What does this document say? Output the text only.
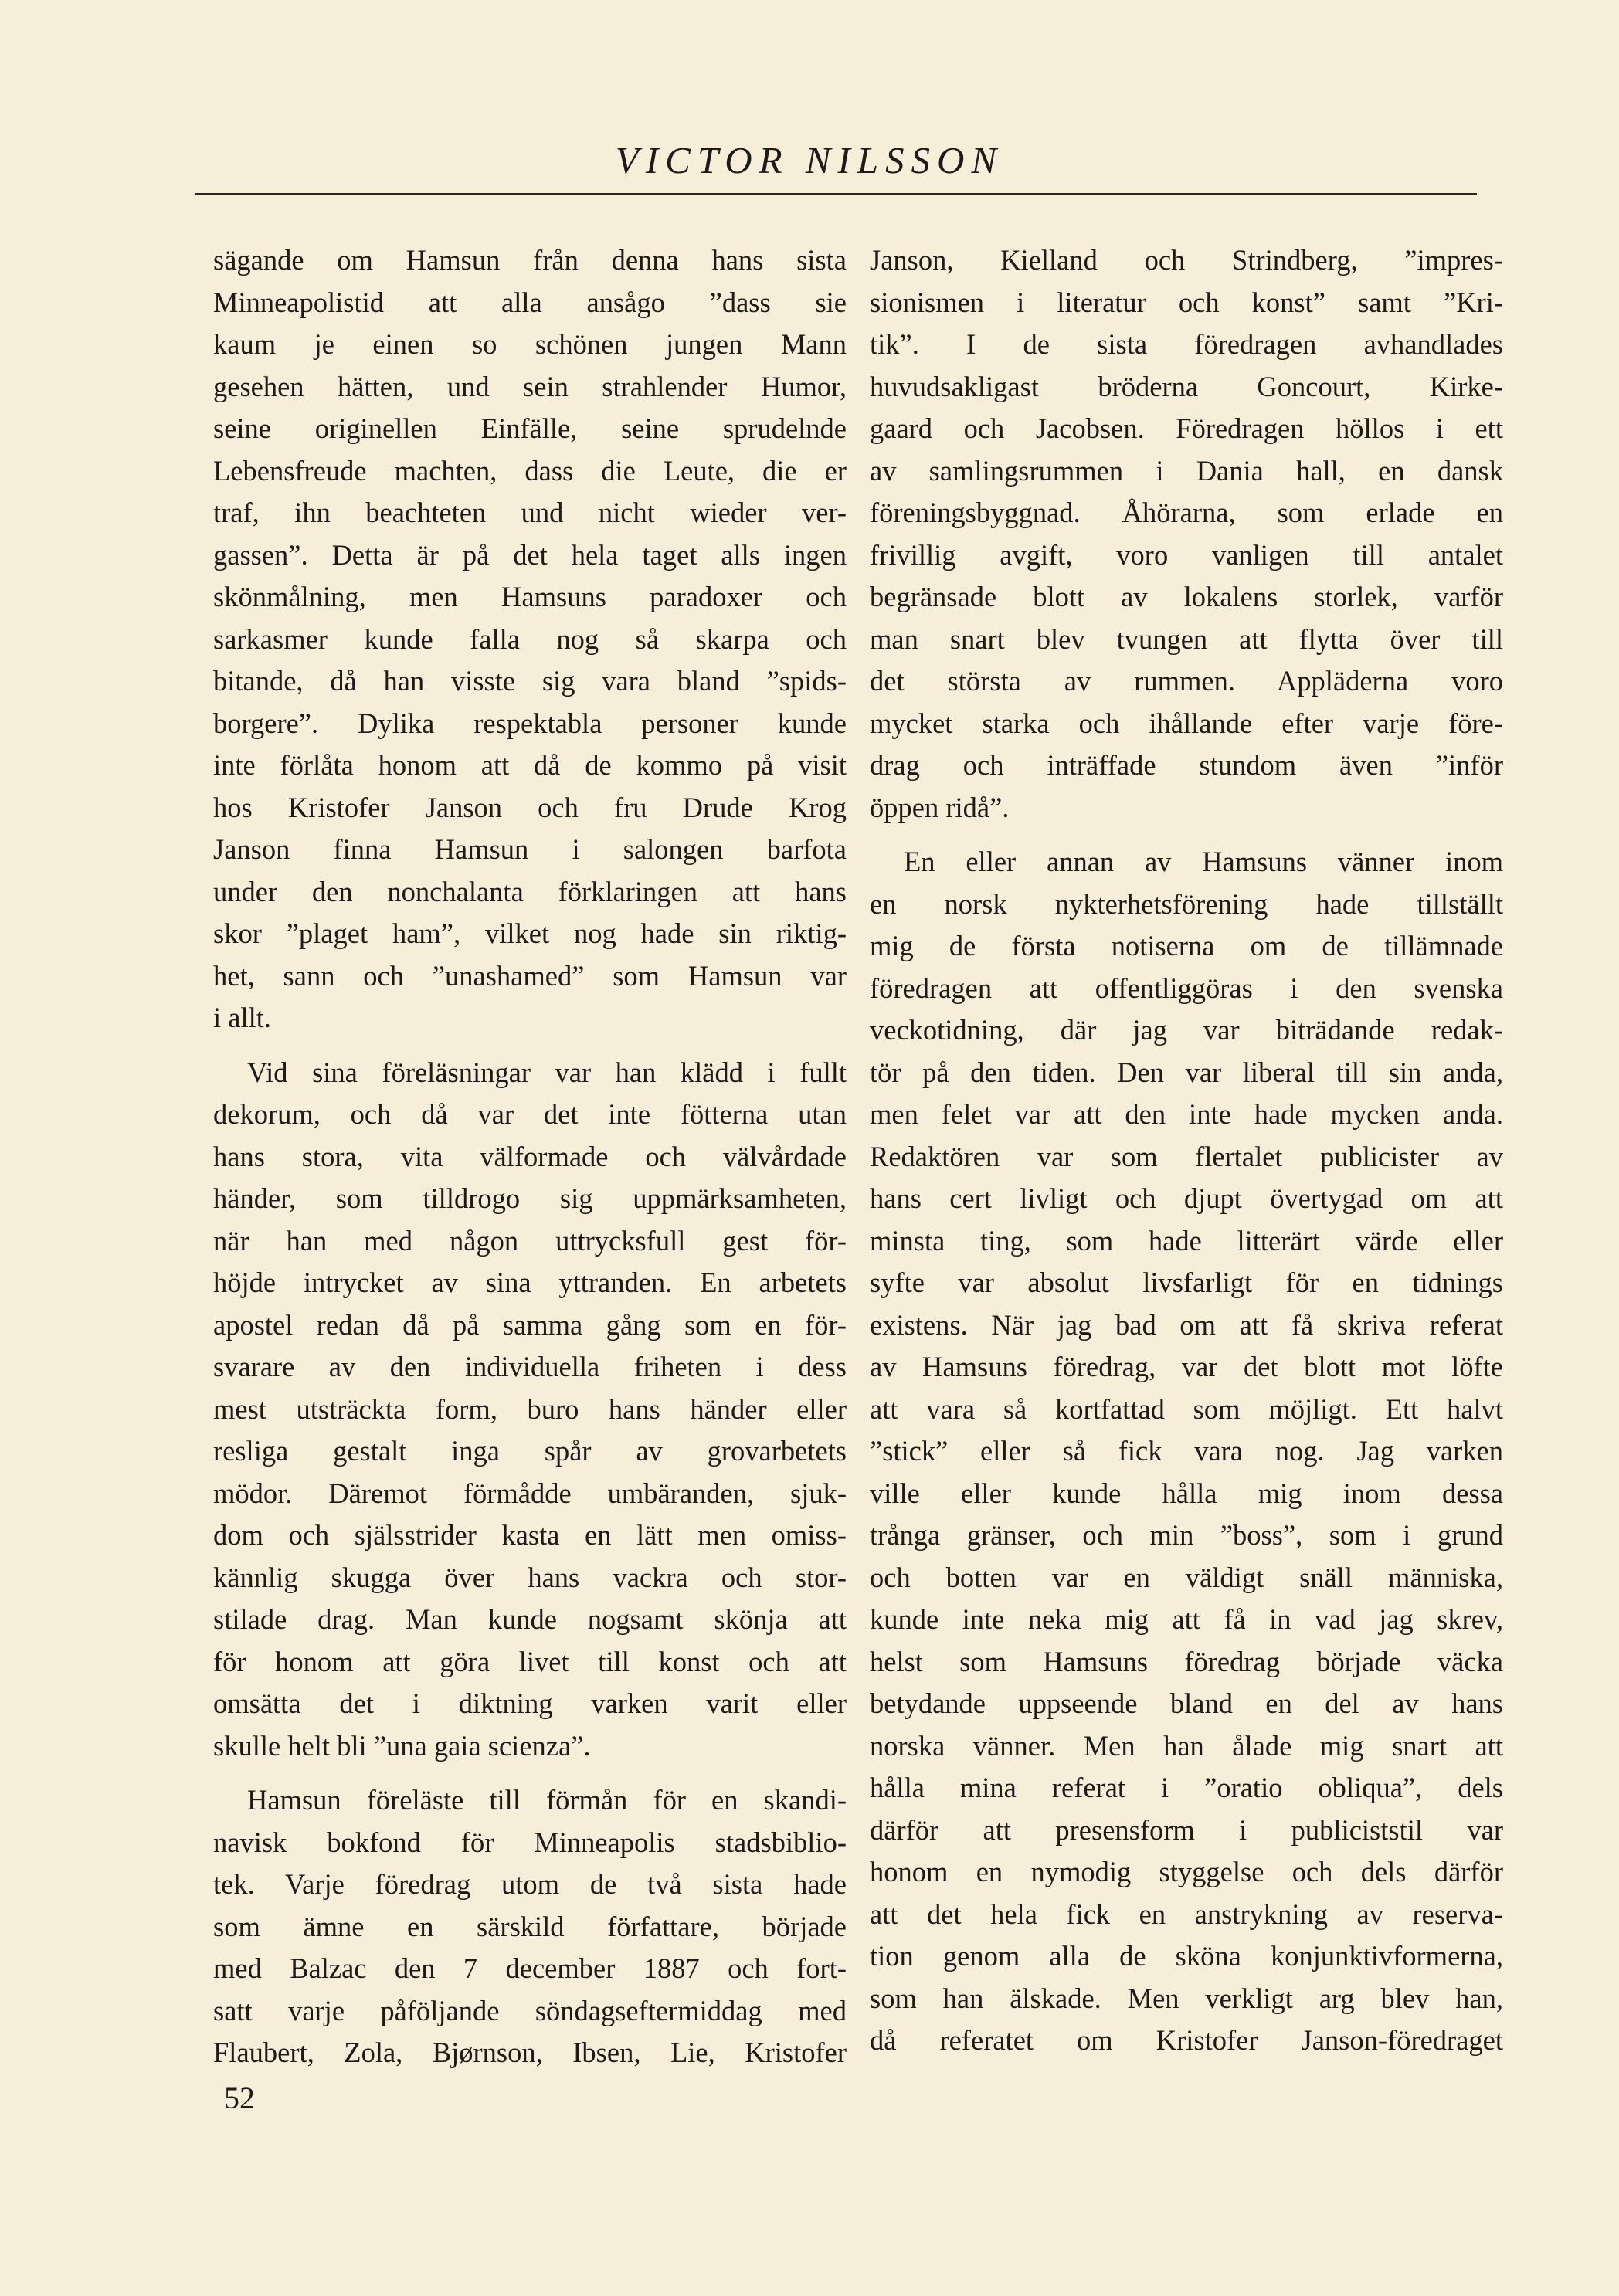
VICTOR NILSSON
sägande om Hamsun från denna hans sista
Minneapolistid att alla ansågo ”dass sie
kaum je einen so schönen jungen Mann
gesehen hätten, und sein strahlender Humor,
seine originellen Einfälle, seine sprudelnde
Lebensfreude machten, dass die Leute, die er
traf, ihn beachteten und nicht wieder ver-
gassen”. Detta är på det hela taget alls ingen
skönmålning, men Hamsuns paradoxer och
sarkasmer kunde falla nog så skarpa och
bitande, då han visste sig vara bland ”spids-
borgere”. Dylika respektabla personer kunde
inte förlåta honom att då de kommo på visit
hos Kristofer Janson och fru Drude Krog
Janson finna Hamsun i salongen barfota
under den nonchalanta förklaringen att hans
skor ”plaget ham”, vilket nog hade sin riktig-
het, sann och ”unashamed” som Hamsun var
i allt.
Vid sina föreläsningar var han klädd i fullt
dekorum, och då var det inte fötterna utan
hans stora, vita välformade och välvårdade
händer, som tilldrogo sig uppmärksamheten,
när han med någon uttrycksfull gest för-
höjde intrycket av sina yttranden. En arbetets
apostel redan då på samma gång som en för-
svarare av den individuella friheten i dess
mest utsträckta form, buro hans händer eller
resliga gestalt inga spår av grovarbetets
mödor. Däremot förmådde umbäranden, sjuk-
dom och själsstrider kasta en lätt men omiss-
kännlig skugga över hans vackra och stor-
stilade drag. Man kunde nogsamt skönja att
för honom att göra livet till konst och att
omsätta det i diktning varken varit eller
skulle helt bli ”una gaia scienza”.
Hamsun föreläste till förmån för en skandi-
navisk bokfond för Minneapolis stadsbiblio-
tek. Varje föredrag utom de två sista hade
som ämne en särskild författare, började
med Balzac den 7 december 1887 och fort-
satt varje påföljande söndagseftermiddag med
Flaubert, Zola, Bjørnson, Ibsen, Lie, Kristofer
Janson, Kielland och Strindberg, ”impres-
sionismen i literatur och konst” samt ”Kri-
tik”. I de sista föredragen avhandlades
huvudsakligast bröderna Goncourt, Kirke-
gaard och Jacobsen. Föredragen höllos i ett
av samlingsrummen i Dania hall, en dansk
föreningsbyggnad. Åhörarna, som erlade en
frivillig avgift, voro vanligen till antalet
begränsade blott av lokalens storlek, varför
man snart blev tvungen att flytta över till
det största av rummen. Appläderna voro
mycket starka och ihållande efter varje före-
drag och inträffade stundom även ”inför
öppen ridå”.
En eller annan av Hamsuns vänner inom
en norsk nykterhetsförening hade tillställt
mig de första notiserna om de tillämnade
föredragen att offentliggöras i den svenska
veckotidning, där jag var biträdande redak-
tör på den tiden. Den var liberal till sin anda,
men felet var att den inte hade mycken anda.
Redaktören var som flertalet publicister av
hans cert livligt och djupt övertygad om att
minsta ting, som hade litterärt värde eller
syfte var absolut livsfarligt för en tidnings
existens. När jag bad om att få skriva referat
av Hamsuns föredrag, var det blott mot löfte
att vara så kortfattad som möjligt. Ett halvt
”stick” eller så fick vara nog. Jag varken
ville eller kunde hålla mig inom dessa
trånga gränser, och min ”boss”, som i grund
och botten var en väldigt snäll människa,
kunde inte neka mig att få in vad jag skrev,
helst som Hamsuns föredrag började väcka
betydande uppseende bland en del av hans
norska vänner. Men han ålade mig snart att
hålla mina referat i ”oratio obliqua”, dels
därför att presensform i publiciststil var
honom en nymodig styggelse och dels därför
att det hela fick en anstrykning av reserva-
tion genom alla de sköna konjunktivformerna,
som han älskade. Men verkligt arg blev han,
då referatet om Kristofer Janson-föredraget
52
